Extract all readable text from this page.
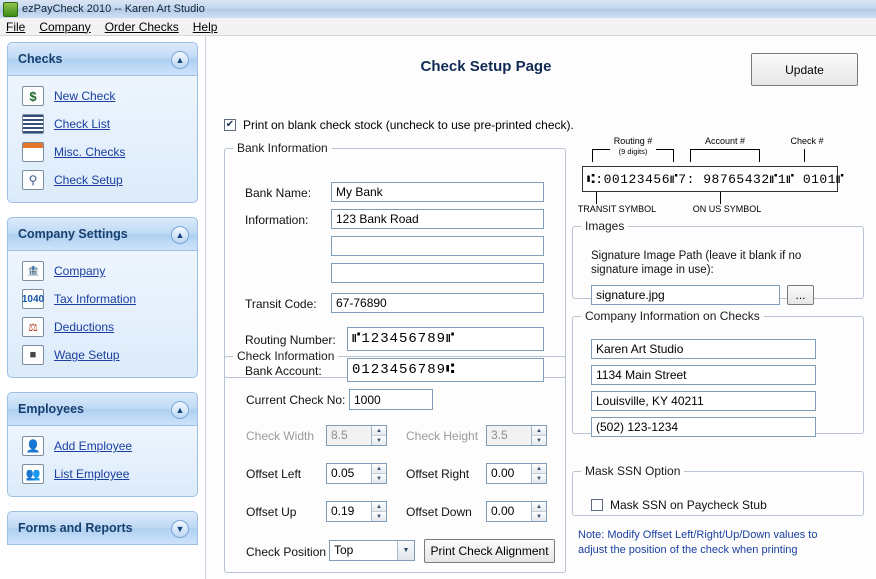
ezPayCheck 2010 -- Karen Art Studio
File Company Order Checks Help
Checks	▲
$	New Check
Check List
Misc. Checks
⚲	Check Setup
Company Settings	▲
🏦	Company
1040 Tax Information
⚖	Deductions
■	Wage Setup
Employees	▲
👤 Add Employee
👥 List Employee
Forms and Reports	▼
Check Setup Page	Update
✔ Print on blank check stock (uncheck to use pre-printed check).
Bank Information
Bank Name:
My Bank
Information:
123 Bank Road
Transit Code:
67-76890
Routing Number:
⑈123456789⑈
Bank Account:
0123456789⑆
Check Information
Current Check No:
1000
Check Width	8.5	▲
▼	Check Height	3.5	▲
▼
Offset Left	0.05	▲
▼	Offset Right	0.00	▲
▼
Offset Up	0.19	▲
▼	Offset Down	0.00	▲
▼
Check Position Top	▼	Print Check Alignment
Routing #
(9 digits)
Account #	Check #
⑆:00123456⑈7: 98765432⑈1⑈ 0101⑈
TRANSIT SYMBOL	ON US SYMBOL
Images
Signature Image Path (leave it blank if no signature image in use):
signature.jpg
...
Company Information on Checks
Karen Art Studio
1134 Main Street
Louisville, KY 40211
(502) 123-1234
Mask SSN Option
Mask SSN on Paycheck Stub
Note: Modify Offset Left/Right/Up/Down values to
adjust the position of the check when printing
